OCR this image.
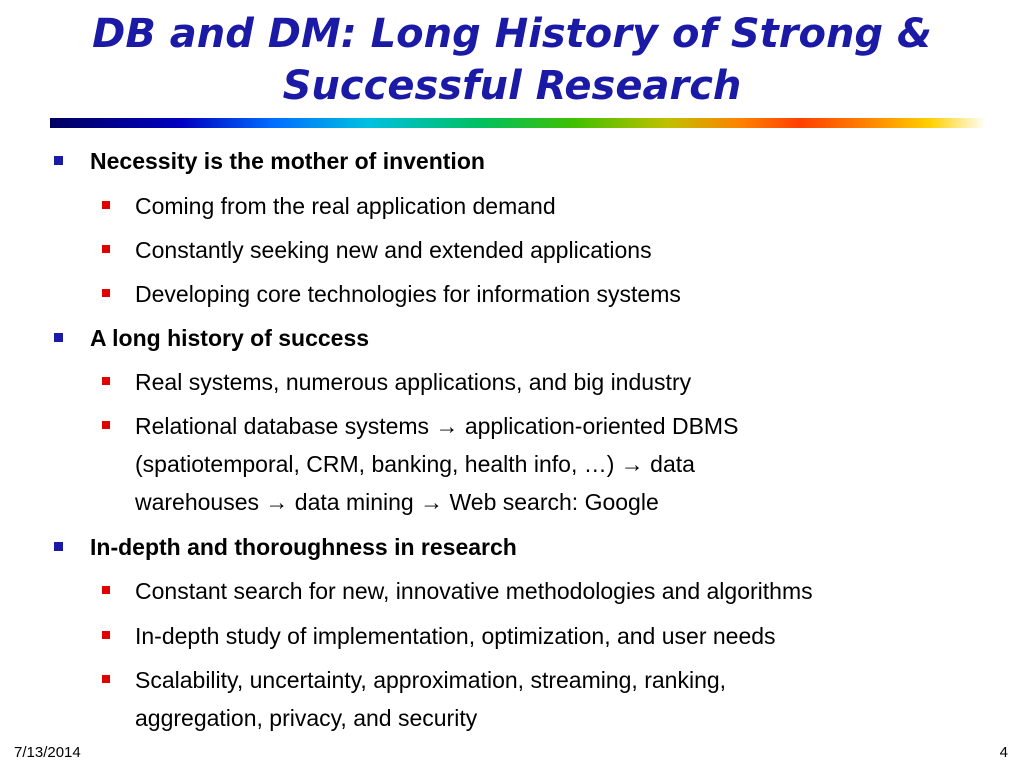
DB and DM: Long History of Strong &
Successful Research
Necessity is the mother of invention
Coming from the real application demand
Constantly seeking new and extended applications
Developing core technologies for information systems
A long history of success
Real systems, numerous applications, and big industry
Relational database systems → application-oriented DBMS
(spatiotemporal, CRM, banking, health info, …) → data
warehouses → data mining → Web search: Google
In-depth and thoroughness in research
Constant search for new, innovative methodologies and algorithms
In-depth study of implementation, optimization, and user needs
Scalability, uncertainty, approximation, streaming, ranking,
aggregation, privacy, and security
7/13/2014	4
